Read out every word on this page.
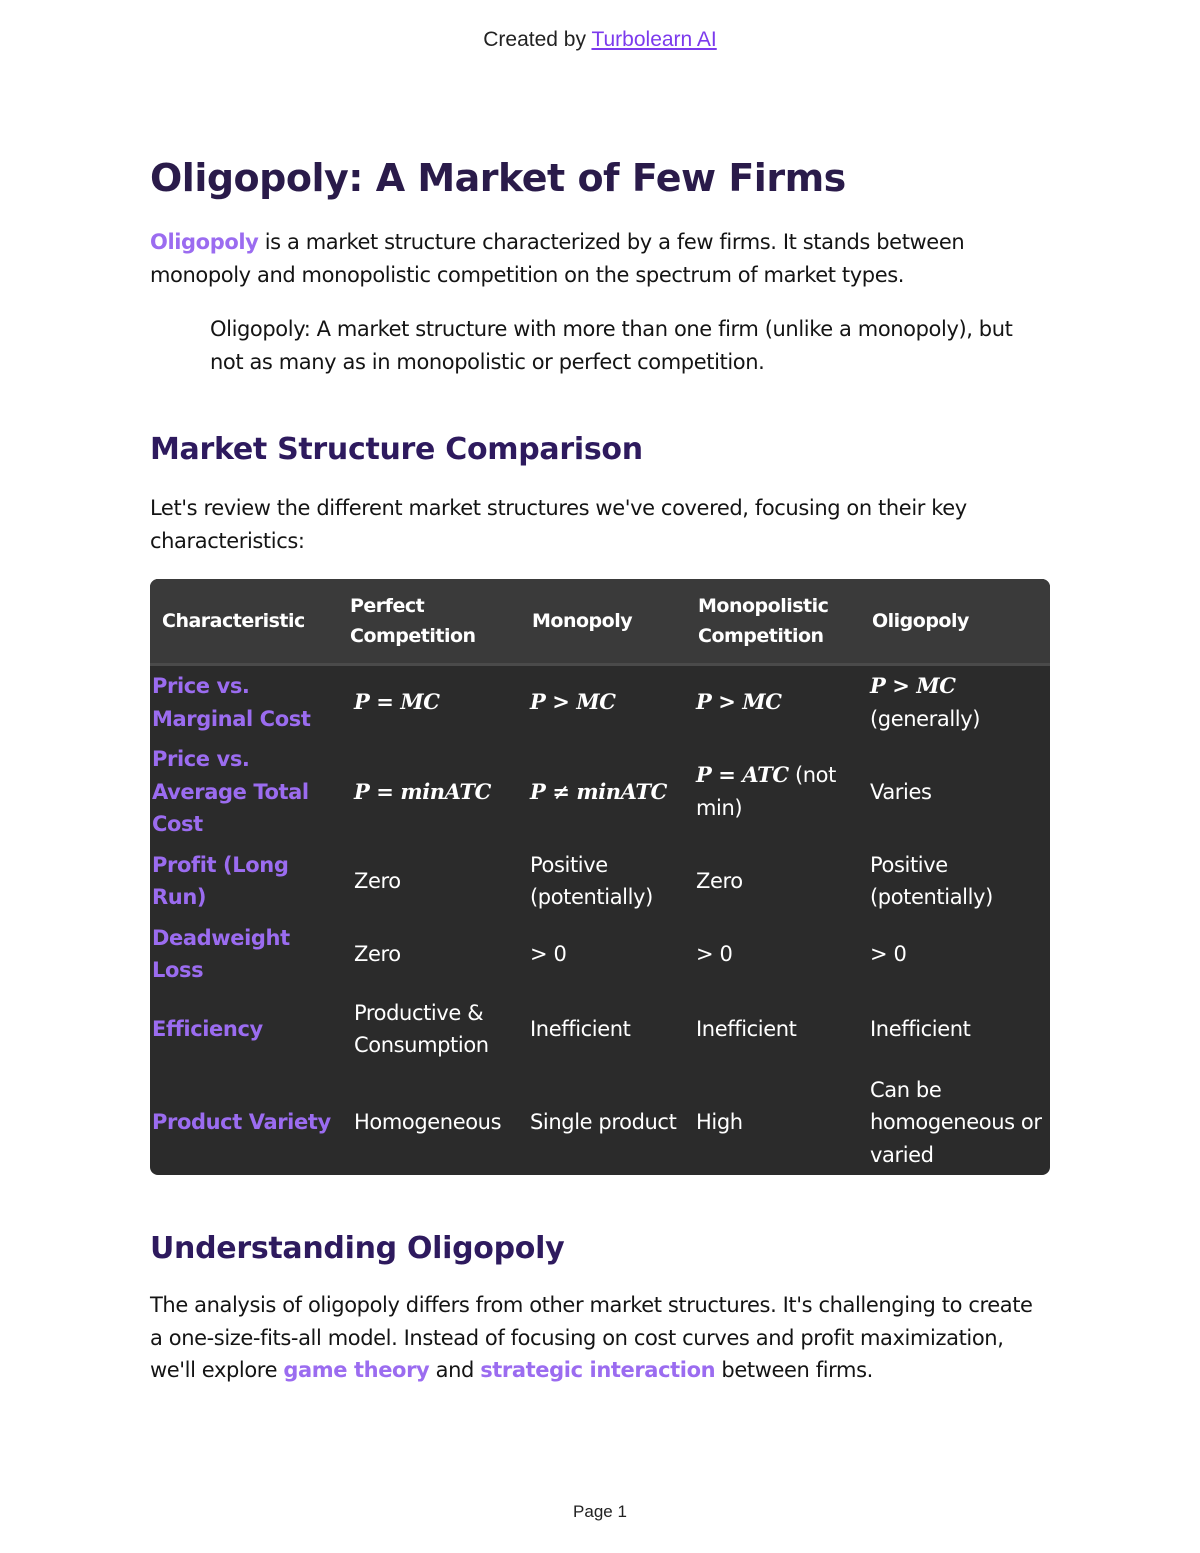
Created by Turbolearn AI
Oligopoly: A Market of Few Firms

Oligopoly is a market structure characterized by a few firms. It stands between monopoly and monopolistic competition on the spectrum of market types.

Oligopoly: A market structure with more than one firm (unlike a monopoly), but not as many as in monopolistic or perfect competition.

Market Structure Comparison

Let's review the different market structures we've covered, focusing on their key characteristics:

Characteristic	Perfect Competition	Monopoly	Monopolistic Competition	Oligopoly
Price vs. Marginal Cost	P = MC	P > MC	P > MC	P > MC
(generally)
Price vs. Average Total Cost	P = minATC	P ≠ minATC	P = ATC (not min)	Varies
Profit (Long Run)	Zero	Positive (potentially)	Zero	Positive (potentially)
Deadweight Loss	Zero	> 0	> 0	> 0
Efficiency	Productive & Consumption	Inefficient	Inefficient	Inefficient
Product Variety	Homogeneous	Single product	High	Can be homogeneous or varied
Understanding Oligopoly

The analysis of oligopoly differs from other market structures. It's challenging to create a one-size-fits-all model. Instead of focusing on cost curves and profit maximization, we'll explore game theory and strategic interaction between firms.

Page 1
